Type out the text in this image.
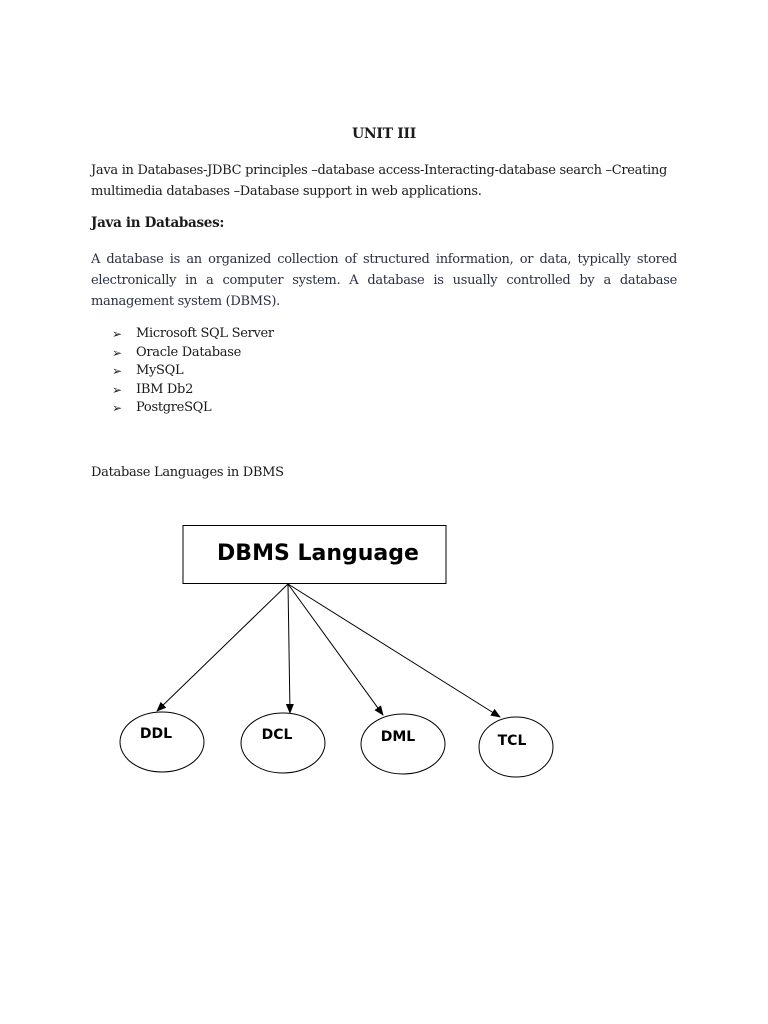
UNIT III
Java in Databases-JDBC principles –database access-Interacting-database search –Creating multimedia databases –Database support in web applications.
Java in Databases:
A database is an organized collection of structured information, or data, typically stored electronically in a computer system. A database is usually controlled by a database management system (DBMS).
➢ Microsoft SQL Server
➢ Oracle Database
➢ MySQL
➢ IBM Db2
➢ PostgreSQL
Database Languages in DBMS
DBMS Language
DDL	DCL	DML	TCL
